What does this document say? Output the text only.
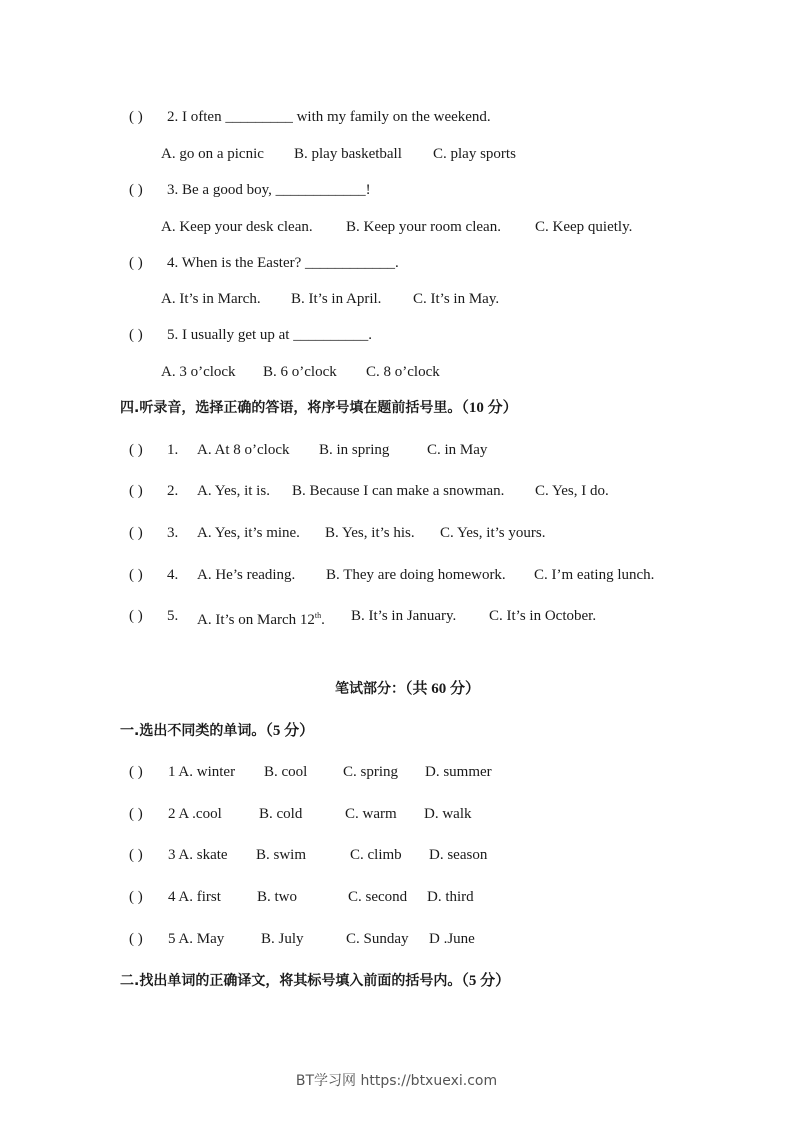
( ) 2. I often _________ with my family on the weekend.
A. go on a picnic B. play basketball C. play sports
( ) 3. Be a good boy, ____________!
A. Keep your desk clean. B. Keep your room clean. C. Keep quietly.
( ) 4. When is the Easter? ____________.
A. It’s in March. B. It’s in April. C. It’s in May.
( ) 5. I usually get up at __________.
A. 3 o’clock B. 6 o’clock C. 8 o’clock
四.听录音，选择正确的答语，将序号填在题前括号里。（10 分）
( ) 1. A. At 8 o’clock B. in spring	C. in May
( ) 2. A. Yes, it is. B. Because I can make a snowman. C. Yes, I do.
( ) 3. A. Yes, it’s mine. B. Yes, it’s his. C. Yes, it’s yours.
( ) 4. A. He’s reading. B. They are doing homework. C. I’m eating lunch.
( ) 5. A. It’s on March 12th. B. It’s in January. C. It’s in October.
笔试部分：（共 60 分）
一.选出不同类的单词。（5 分）
( ) 1 A. winter B. cool C. spring D. summer
( ) 2 A .cool B. cold	C. warm D. walk
( ) 3 A. skate B. swim	C. climb D. season
( ) 4 A. first B. two	C. second D. third
( ) 5 A. May B. July	C. Sunday D .June
二.找出单词的正确译文，将其标号填入前面的括号内。（5 分）
BT学习网 https://btxuexi.com
